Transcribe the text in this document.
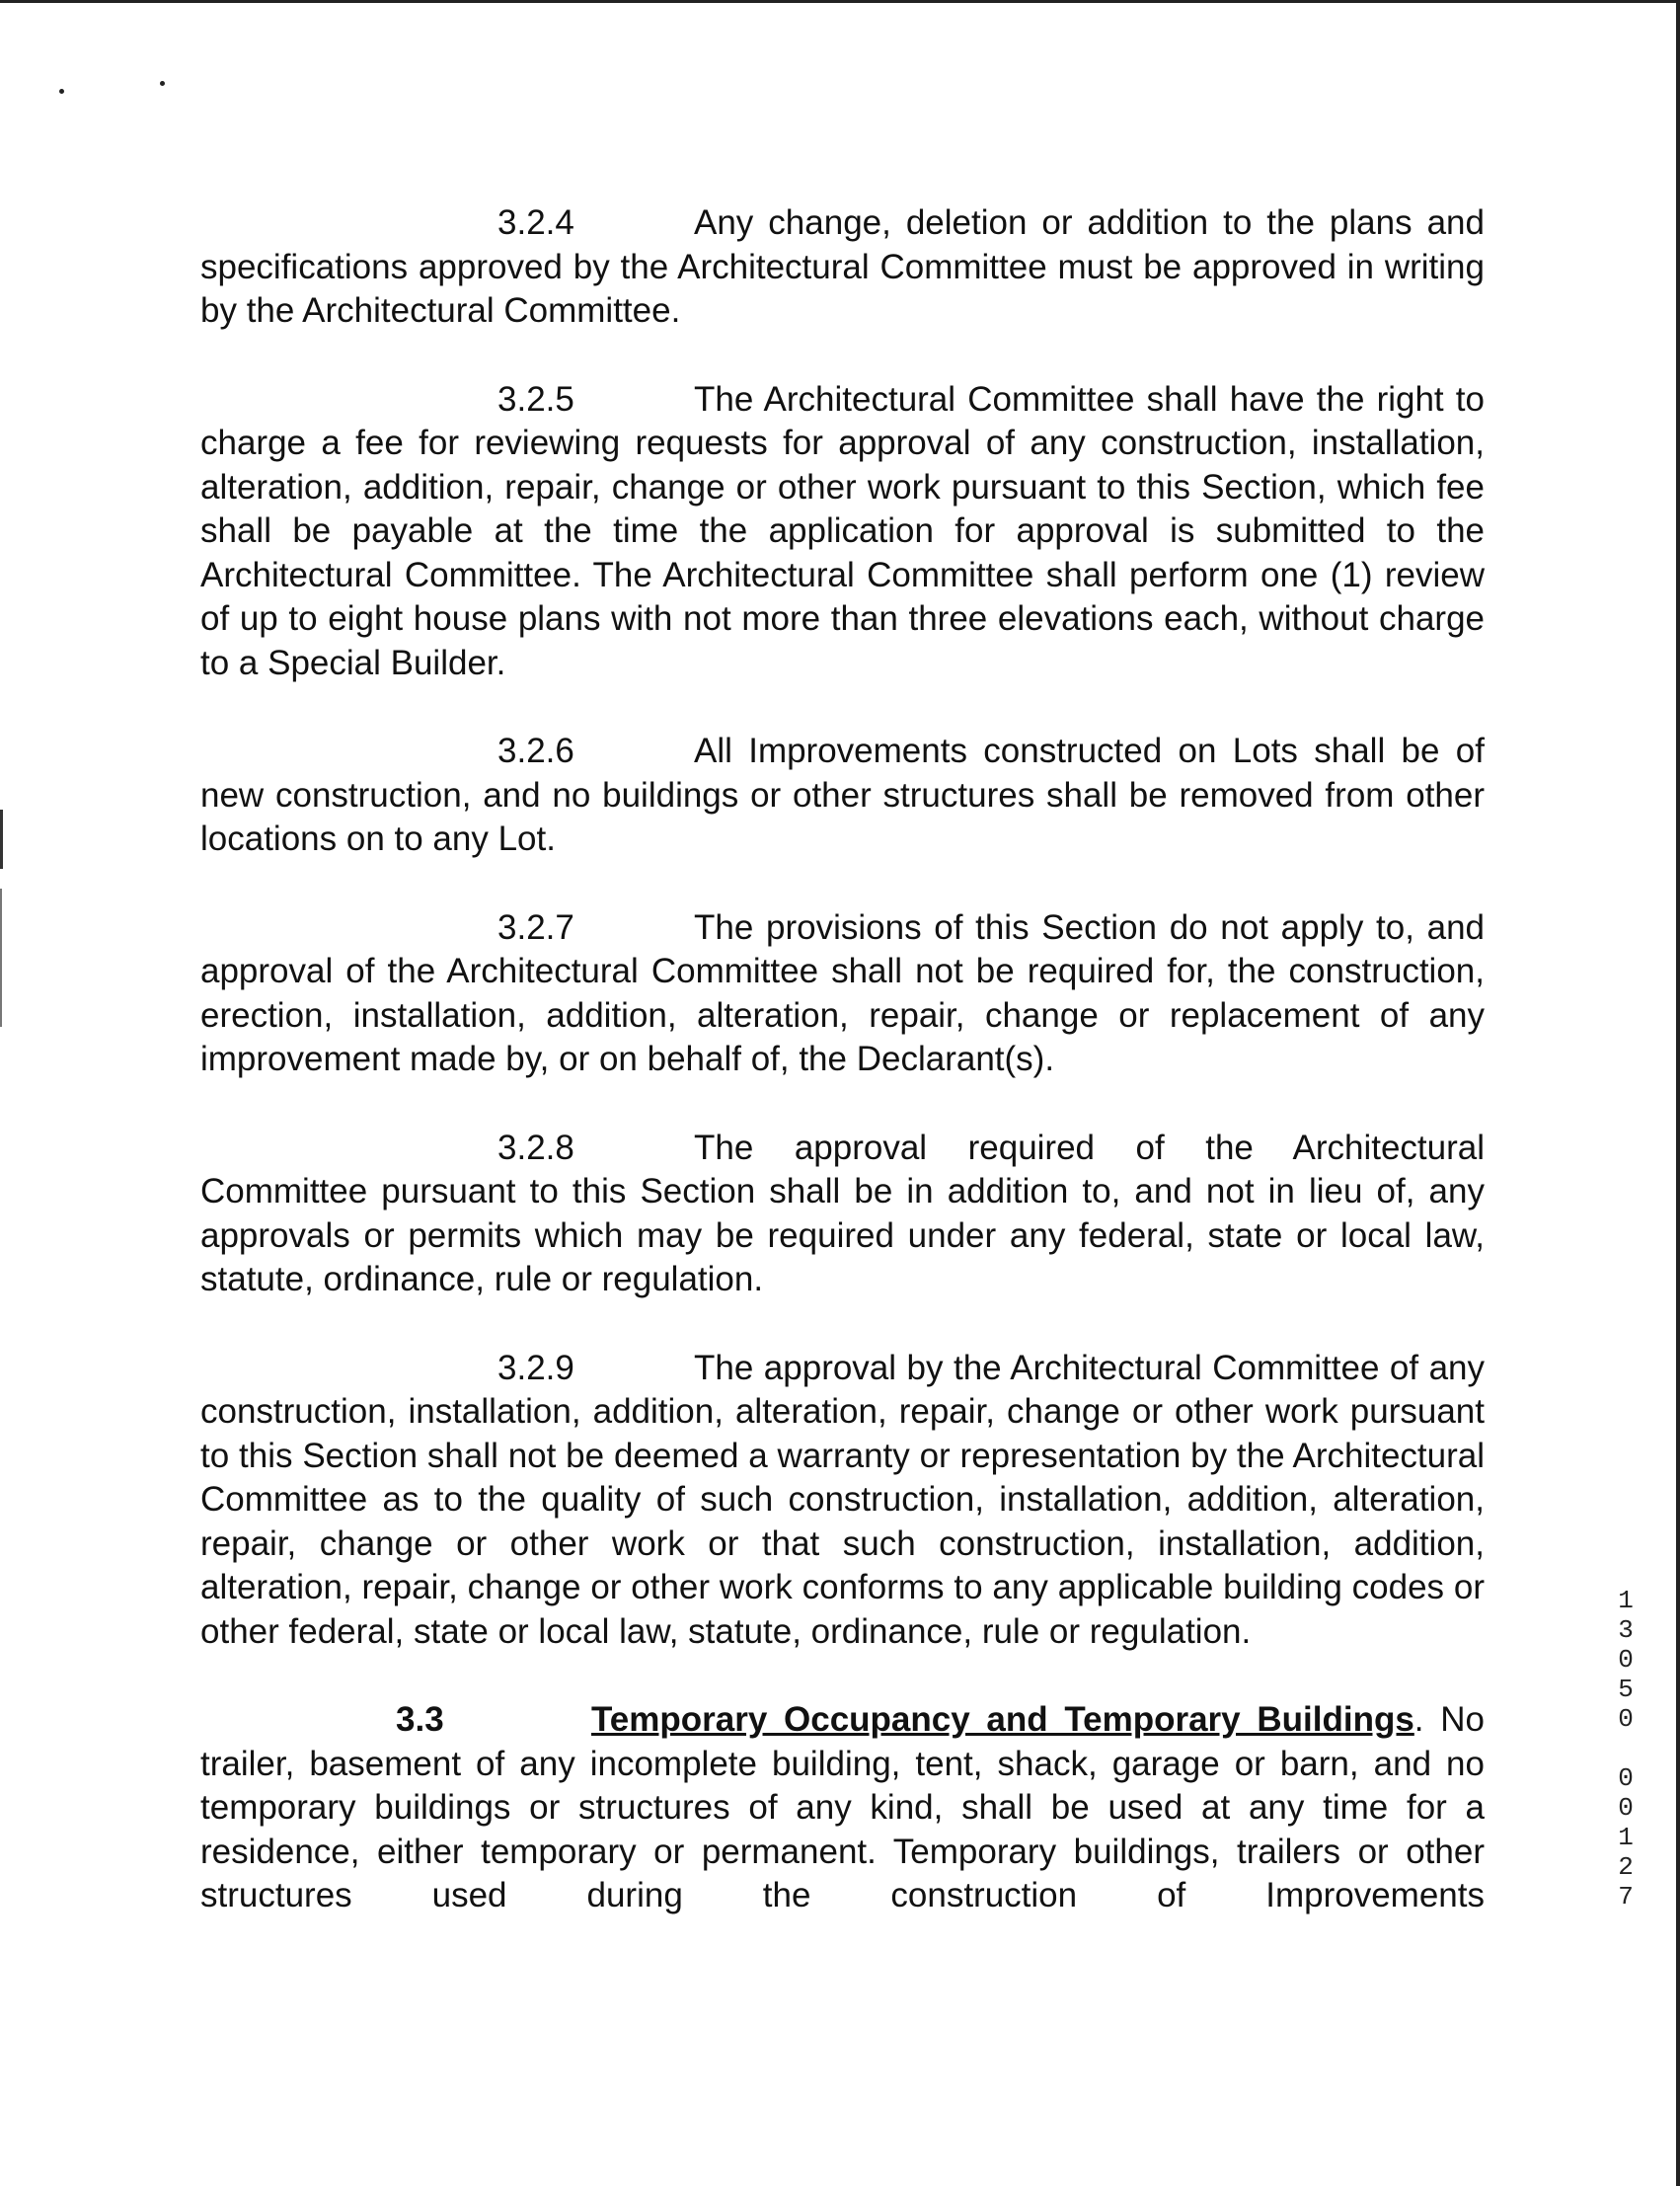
3.2.4	Any change, deletion or addition to the plans and specifications approved by the Architectural Committee must be approved in writing by the Architectural Committee.

3.2.5	The Architectural Committee shall have the right to charge a fee for reviewing requests for approval of any construction, installation, alteration, addition, repair, change or other work pursuant to this Section, which fee shall be payable at the time the application for approval is submitted to the Architectural Committee. The Architectural Committee shall perform one (1) review of up to eight house plans with not more than three elevations each, without charge to a Special Builder.

3.2.6	All Improvements constructed on Lots shall be of new construction, and no buildings or other structures shall be removed from other locations on to any Lot.

3.2.7	The provisions of this Section do not apply to, and approval of the Architectural Committee shall not be required for, the construction, erection, installation, addition, alteration, repair, change or replacement of any improvement made by, or on behalf of, the Declarant(s).

3.2.8	The approval required of the Architectural Committee pursuant to this Section shall be in addition to, and not in lieu of, any approvals or permits which may be required under any federal, state or local law, statute, ordinance, rule or regulation.

3.2.9	The approval by the Architectural Committee of any construction, installation, addition, alteration, repair, change or other work pursuant to this Section shall not be deemed a warranty or representation by the Architectural Committee as to the quality of such construction, installation, addition, alteration, repair, change or other work or that such construction, installation, addition, alteration, repair, change or other work conforms to any applicable building codes or other federal, state or local law, statute, ordinance, rule or regulation.

3.3	Temporary Occupancy and Temporary Buildings. No trailer, basement of any incomplete building, tent, shack, garage or barn, and no temporary buildings or structures of any kind, shall be used at any time for a residence, either temporary or permanent. Temporary buildings, trailers or other structures used during the construction of Improvements

1
3
0
5
0
0
0
1
2
7
